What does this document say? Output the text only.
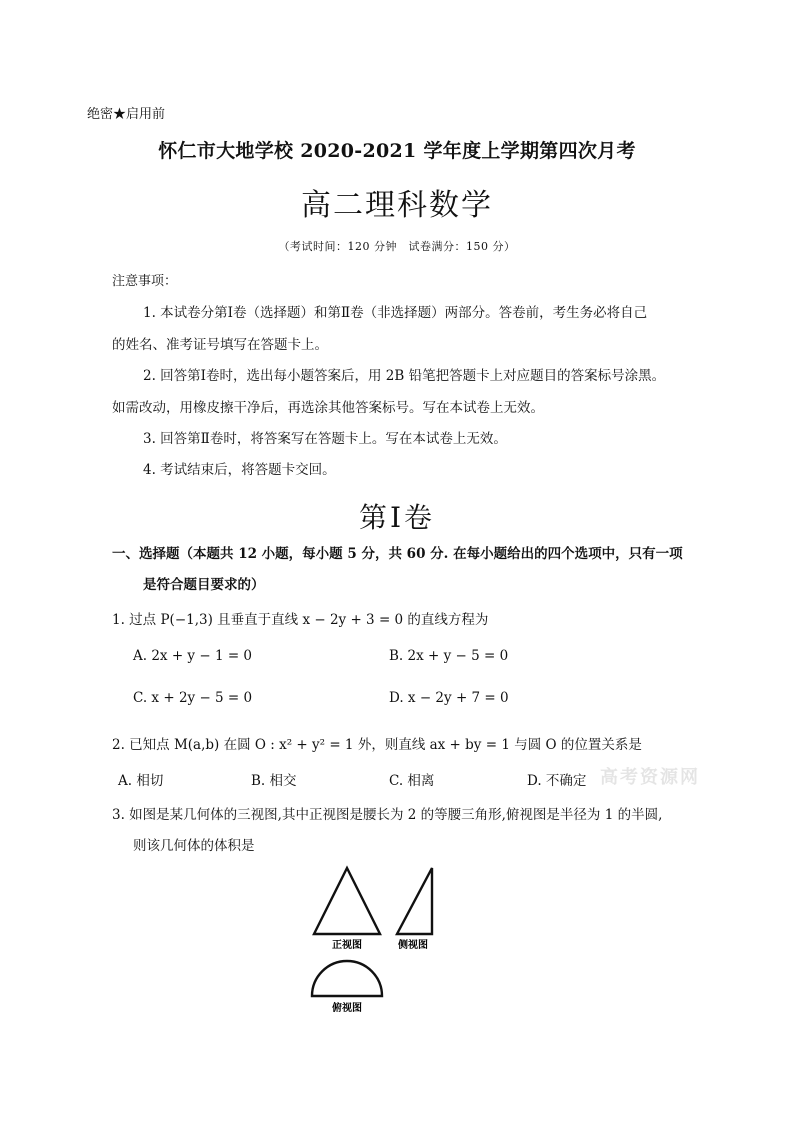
绝密★启用前
怀仁市大地学校 2020-2021 学年度上学期第四次月考
高二理科数学
（考试时间：120 分钟　试卷满分：150 分）
注意事项：
1. 本试卷分第Ⅰ卷（选择题）和第Ⅱ卷（非选择题）两部分。答卷前，考生务必将自己
的姓名、准考证号填写在答题卡上。
2. 回答第Ⅰ卷时，选出每小题答案后，用 2B 铅笔把答题卡上对应题目的答案标号涂黑。
如需改动，用橡皮擦干净后，再选涂其他答案标号。写在本试卷上无效。
3. 回答第Ⅱ卷时，将答案写在答题卡上。写在本试卷上无效。
4. 考试结束后，将答题卡交回。
第Ⅰ卷
一、选择题（本题共 12 小题，每小题 5 分，共 60 分. 在每小题给出的四个选项中，只有一项
是符合题目要求的）
1. 过点 P(−1,3) 且垂直于直线 x − 2y + 3 = 0 的直线方程为
A. 2x + y − 1 = 0	B. 2x + y − 5 = 0
C. x + 2y − 5 = 0	D. x − 2y + 7 = 0
2. 已知点 M(a,b) 在圆 O : x² + y² = 1 外，则直线 ax + by = 1 与圆 O 的位置关系是
A. 相切	B. 相交	C. 相离	D. 不确定 高考资源网
3. 如图是某几何体的三视图,其中正视图是腰长为 2 的等腰三角形,俯视图是半径为 1 的半圆,
则该几何体的体积是
正视图	侧视图
俯视图
